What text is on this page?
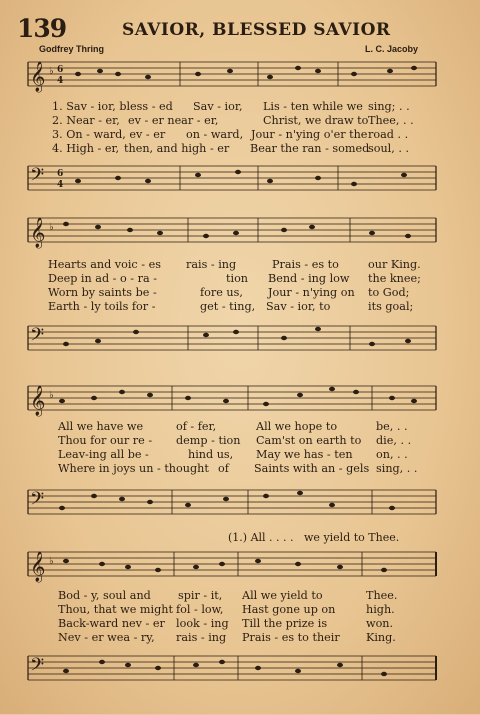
139	SAVIOR, BLESSED SAVIOR
Godfrey Thring	L. C. Jacoby
𝄞 ♭ 6
4
𝄢 6
4
𝄞 ♭
𝄢
𝄞 ♭
𝄢
𝄞 ♭
𝄢

1. Sav - ior, bless - ed

Sav - ior,

Lis - ten while we

sing; . .

2. Near - er,

ev - er near - er,

	Christ, we draw to

Thee, . .

3. On - ward, ev - er

on - ward,

Jour - n'ying o'er the

road . .

4. High - er,

then, and high - er

Bear the ran - somed

soul, . .

Hearts and voic - es

rais - ing

	Prais - es to

	our King.

Deep in ad - o - ra -

	tion

Bend - ing low

the knee;

Worn by saints be -

	fore us,

Jour - n'ying on

to God;

Earth - ly toils for -

	get - ting,

Sav - ior, to

	its goal;

All we have we

	of - fer,

	All we hope to

	be, . .

Thou for our re -

demp - tion

Cam'st on earth to

die, . .

Leav-ing all be -

	hind us,

May we has - ten

on, . .

Where in joys un - thought

of

Saints with an - gels

sing, . .

(1.) All . . . .   we yield to Thee.

Bod - y, soul and

spir - it,

All we yield to

	Thee.

Thou, that we might

fol - low,

Hast gone up on

	high.

Back-ward nev - er

look - ing

Till the prize is

	won.

Nev - er wea - ry,

rais - ing

Prais - es to their

King.
